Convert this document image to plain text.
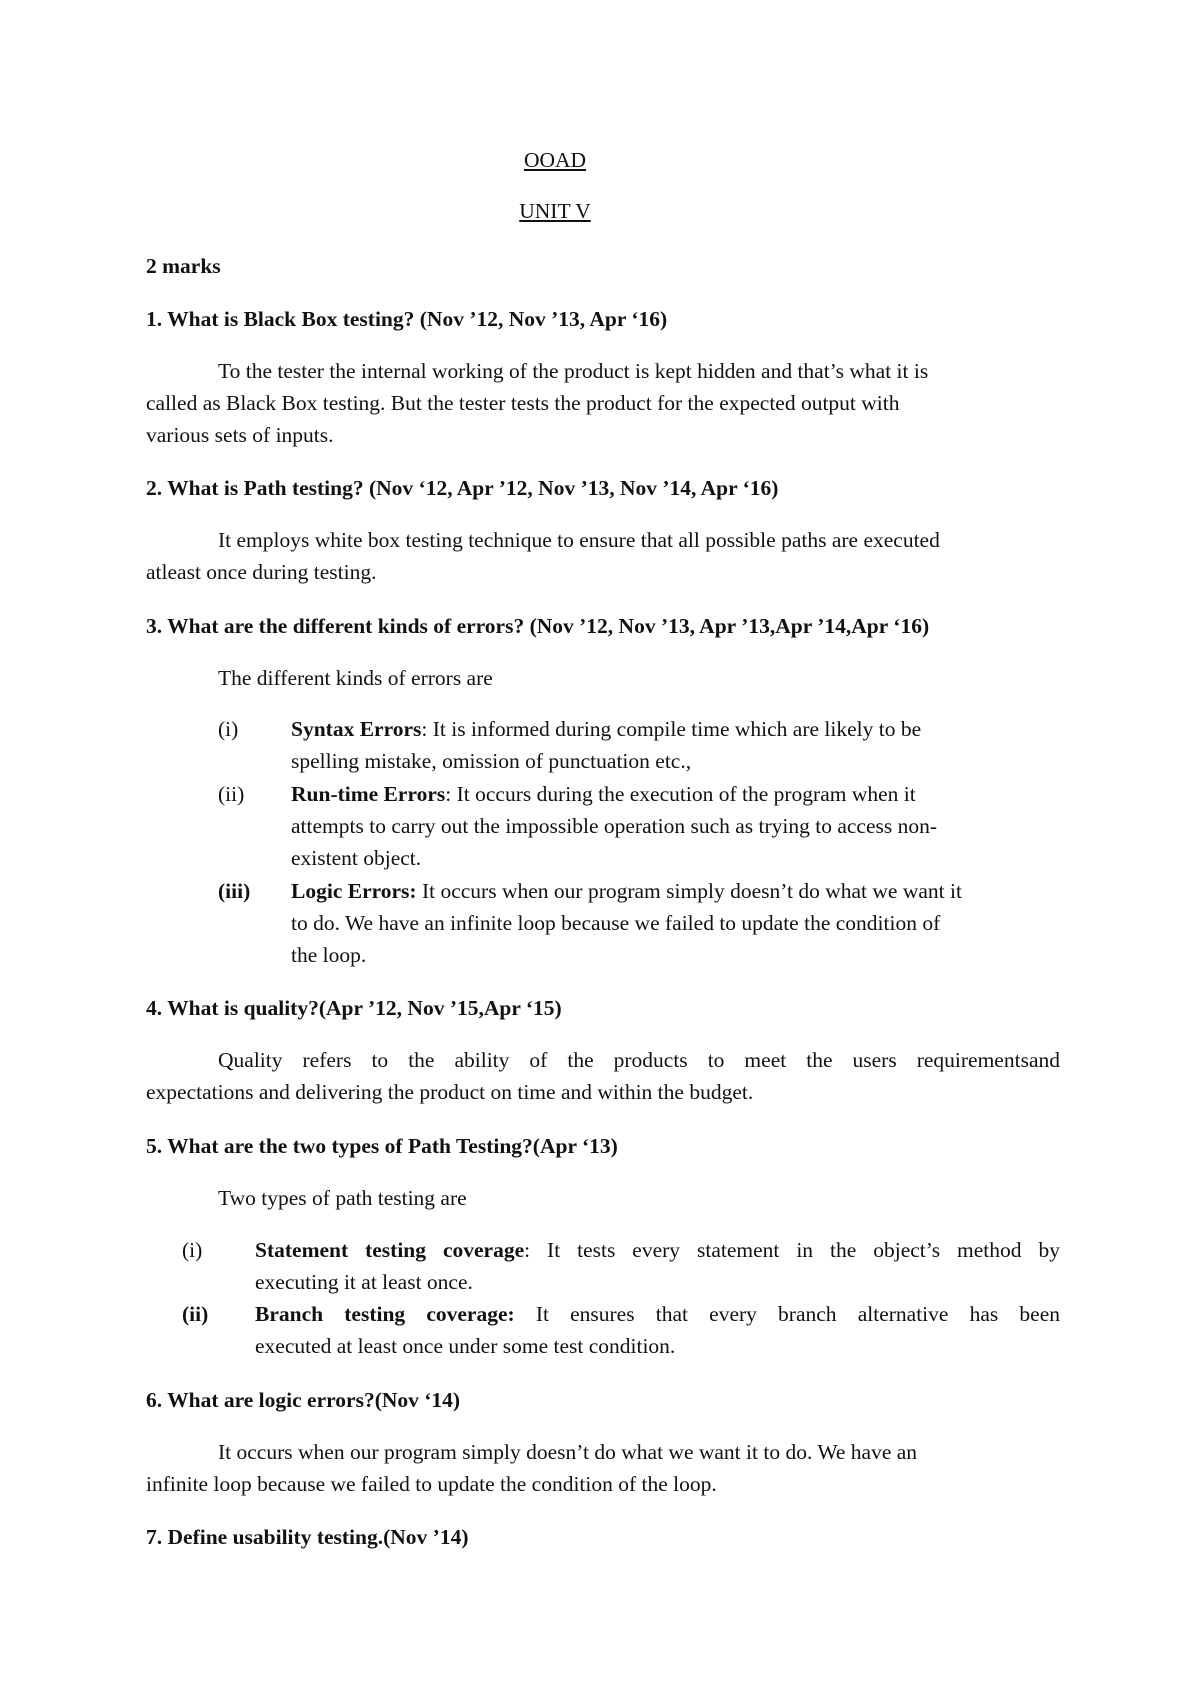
OOAD
UNIT V
2 marks
1. What is Black Box testing? (Nov ’12, Nov ’13, Apr ‘16)
To the tester the internal working of the product is kept hidden and that’s what it is
called as Black Box testing. But the tester tests the product for the expected output with
various sets of inputs.
2. What is Path testing? (Nov ‘12, Apr ’12, Nov ’13, Nov ’14, Apr ‘16)
It employs white box testing technique to ensure that all possible paths are executed
atleast once during testing.
3. What are the different kinds of errors? (Nov ’12, Nov ’13, Apr ’13,Apr ’14,Apr ‘16)
The different kinds of errors are
(i) Syntax Errors: It is informed during compile time which are likely to be
spelling mistake, omission of punctuation etc.,
(ii) Run-time Errors: It occurs during the execution of the program when it
attempts to carry out the impossible operation such as trying to access non-
existent object.
(iii) Logic Errors: It occurs when our program simply doesn’t do what we want it
to do. We have an infinite loop because we failed to update the condition of
the loop.
4. What is quality?(Apr ’12, Nov ’15,Apr ‘15)
Quality refers to the ability of the products to meet the users requirementsand
expectations and delivering the product on time and within the budget.
5. What are the two types of Path Testing?(Apr ‘13)
Two types of path testing are
(i) Statement testing coverage: It tests every statement in the object’s method by
executing it at least once.
(ii) Branch testing coverage: It ensures that every branch alternative has been
executed at least once under some test condition.
6. What are logic errors?(Nov ‘14)
It occurs when our program simply doesn’t do what we want it to do. We have an
infinite loop because we failed to update the condition of the loop.
7. Define usability testing.(Nov ’14)
